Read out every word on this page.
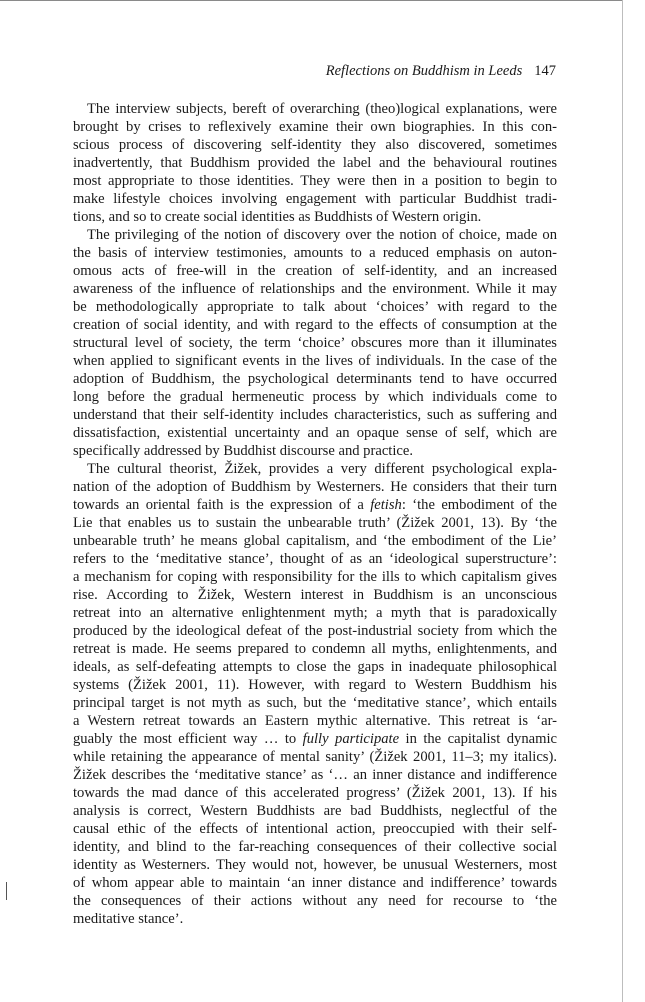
Reflections on Buddhism in Leeds 147

The interview subjects, bereft of overarching (theo)logical explanations, were
brought by crises to reflexively examine their own biographies. In this con-
scious process of discovering self-identity they also discovered, sometimes
inadvertently, that Buddhism provided the label and the behavioural routines
most appropriate to those identities. They were then in a position to begin to
make lifestyle choices involving engagement with particular Buddhist tradi-
tions, and so to create social identities as Buddhists of Western origin.

The privileging of the notion of discovery over the notion of choice, made on
the basis of interview testimonies, amounts to a reduced emphasis on auton-
omous acts of free-will in the creation of self-identity, and an increased
awareness of the influence of relationships and the environment. While it may
be methodologically appropriate to talk about ‘choices’ with regard to the
creation of social identity, and with regard to the effects of consumption at the
structural level of society, the term ‘choice’ obscures more than it illuminates
when applied to significant events in the lives of individuals. In the case of the
adoption of Buddhism, the psychological determinants tend to have occurred
long before the gradual hermeneutic process by which individuals come to
understand that their self-identity includes characteristics, such as suffering and
dissatisfaction, existential uncertainty and an opaque sense of self, which are
specifically addressed by Buddhist discourse and practice.

The cultural theorist, Žižek, provides a very different psychological expla-
nation of the adoption of Buddhism by Westerners. He considers that their turn
towards an oriental faith is the expression of a fetish: ‘the embodiment of the
Lie that enables us to sustain the unbearable truth’ (Žižek 2001, 13). By ‘the
unbearable truth’ he means global capitalism, and ‘the embodiment of the Lie’
refers to the ‘meditative stance’, thought of as an ‘ideological superstructure’:
a mechanism for coping with responsibility for the ills to which capitalism gives
rise. According to Žižek, Western interest in Buddhism is an unconscious
retreat into an alternative enlightenment myth; a myth that is paradoxically
produced by the ideological defeat of the post-industrial society from which the
retreat is made. He seems prepared to condemn all myths, enlightenments, and
ideals, as self-defeating attempts to close the gaps in inadequate philosophical
systems (Žižek 2001, 11). However, with regard to Western Buddhism his
principal target is not myth as such, but the ‘meditative stance’, which entails
a Western retreat towards an Eastern mythic alternative. This retreat is ‘ar-
guably the most efficient way … to fully participate in the capitalist dynamic
while retaining the appearance of mental sanity’ (Žižek 2001, 11–3; my italics).
Žižek describes the ‘meditative stance’ as ‘… an inner distance and indifference
towards the mad dance of this accelerated progress’ (Žižek 2001, 13). If his
analysis is correct, Western Buddhists are bad Buddhists, neglectful of the
causal ethic of the effects of intentional action, preoccupied with their self-
identity, and blind to the far-reaching consequences of their collective social
identity as Westerners. They would not, however, be unusual Westerners, most
of whom appear able to maintain ‘an inner distance and indifference’ towards
the consequences of their actions without any need for recourse to ‘the
meditative stance’.
